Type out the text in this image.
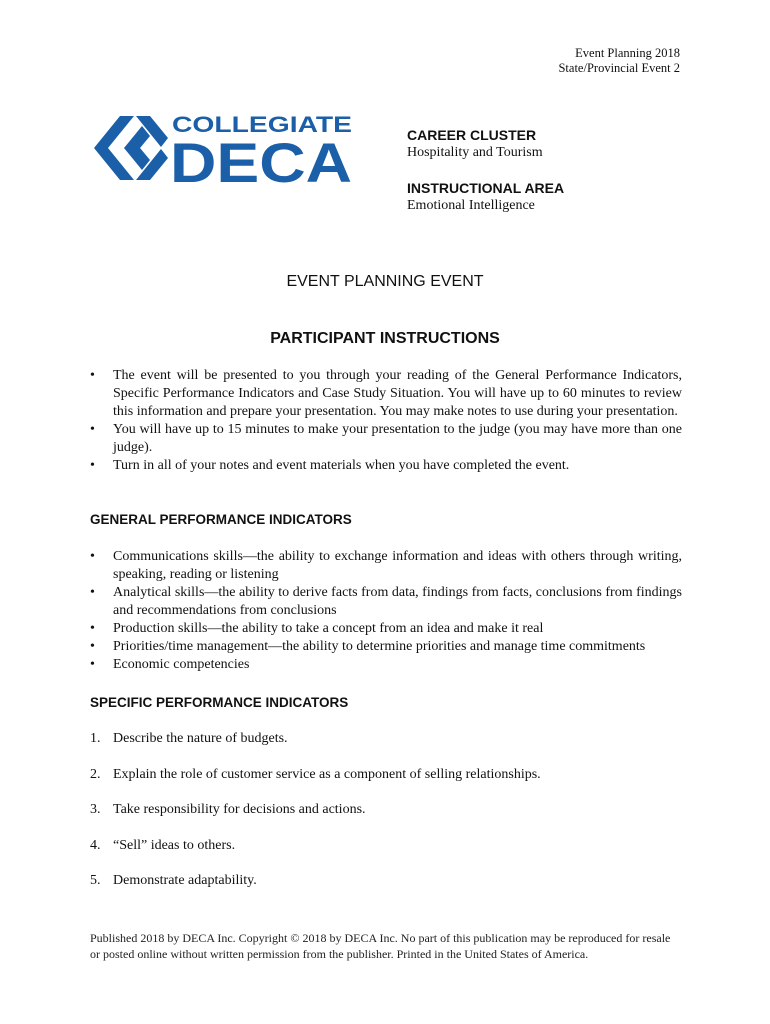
Event Planning 2018
State/Provincial Event 2
COLLEGIATE
DECA	CAREER CLUSTER
Hospitality and Tourism
INSTRUCTIONAL AREA
Emotional Intelligence
EVENT PLANNING EVENT
PARTICIPANT INSTRUCTIONS
• The event will be presented to you through your reading of the General Performance Indicators, Specific Performance Indicators and Case Study Situation. You will have up to 60 minutes to review this information and prepare your presentation. You may make notes to use during your presentation.
• You will have up to 15 minutes to make your presentation to the judge (you may have more than one judge).
• Turn in all of your notes and event materials when you have completed the event.
GENERAL PERFORMANCE INDICATORS
• Communications skills—the ability to exchange information and ideas with others through writing, speaking, reading or listening
• Analytical skills—the ability to derive facts from data, findings from facts, conclusions from findings and recommendations from conclusions
• Production skills—the ability to take a concept from an idea and make it real
• Priorities/time management—the ability to determine priorities and manage time commitments
• Economic competencies
SPECIFIC PERFORMANCE INDICATORS
1. Describe the nature of budgets.
2. Explain the role of customer service as a component of selling relationships.
3. Take responsibility for decisions and actions.
4. “Sell” ideas to others.
5. Demonstrate adaptability.
Published 2018 by DECA Inc. Copyright © 2018 by DECA Inc. No part of this publication may be reproduced for resale or posted online without written permission from the publisher. Printed in the United States of America.
